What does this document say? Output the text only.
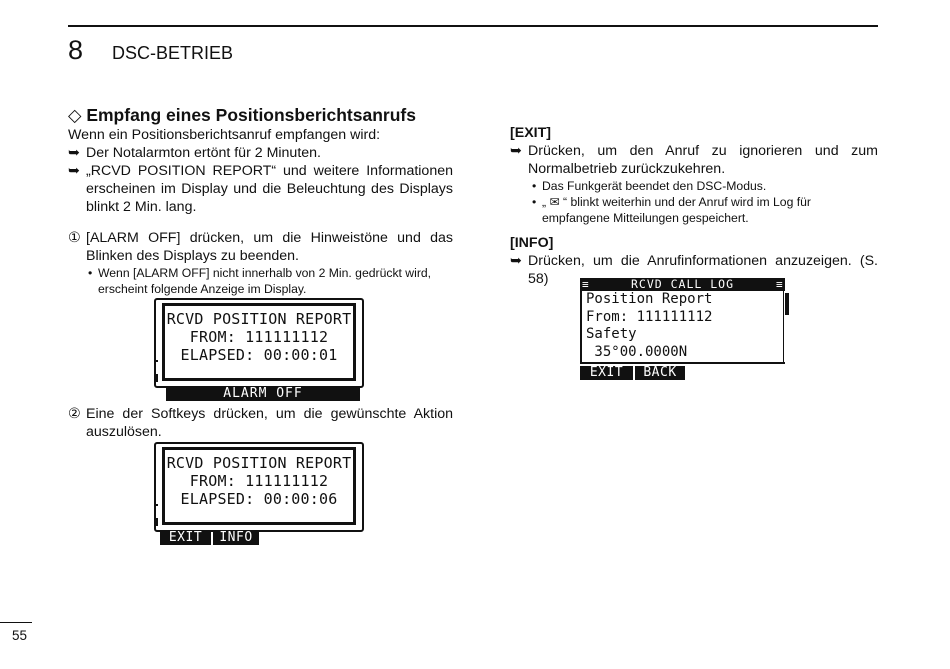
8 DSC-BETRIEB
◇ Empfang eines Positionsberichtsanrufs
Wenn ein Positionsberichtsanruf empfangen wird:
➥ Der Notalarmton ertönt für 2 Minuten.
➥ „RCVD POSITION REPORT“ und weitere Informationen erscheinen im Display und die Beleuchtung des Displays blinkt 2 Min. lang.
① [ALARM OFF] drücken, um die Hinweistöne und das Blinken des Displays zu beenden.
• Wenn [ALARM OFF] nicht innerhalb von 2 Min. gedrückt wird, erscheint folgende Anzeige im Display.
RCVD POSITION REPORT
FROM: 111111112
ELAPSED: 00:00:01
ALARM OFF
② Eine der Softkeys drücken, um die gewünschte Aktion auszulösen.
RCVD POSITION REPORT
FROM: 111111112
ELAPSED: 00:00:06
EXIT	INFO
[EXIT]
➥ Drücken, um den Anruf zu ignorieren und zum Normalbetrieb zurückzukehren.
• Das Funkgerät beendet den DSC-Modus.
• „ ✉ “ blinkt weiterhin und der Anruf wird im Log für empfangene Mitteilungen gespeichert.
[INFO]
➥ Drücken, um die Anrufinformationen anzuzeigen. (S. 58)	RCVD CALL LOG
≡	≡
Position Report
From: 111111112
Safety
35°00.0000N
EXIT	BACK
55
